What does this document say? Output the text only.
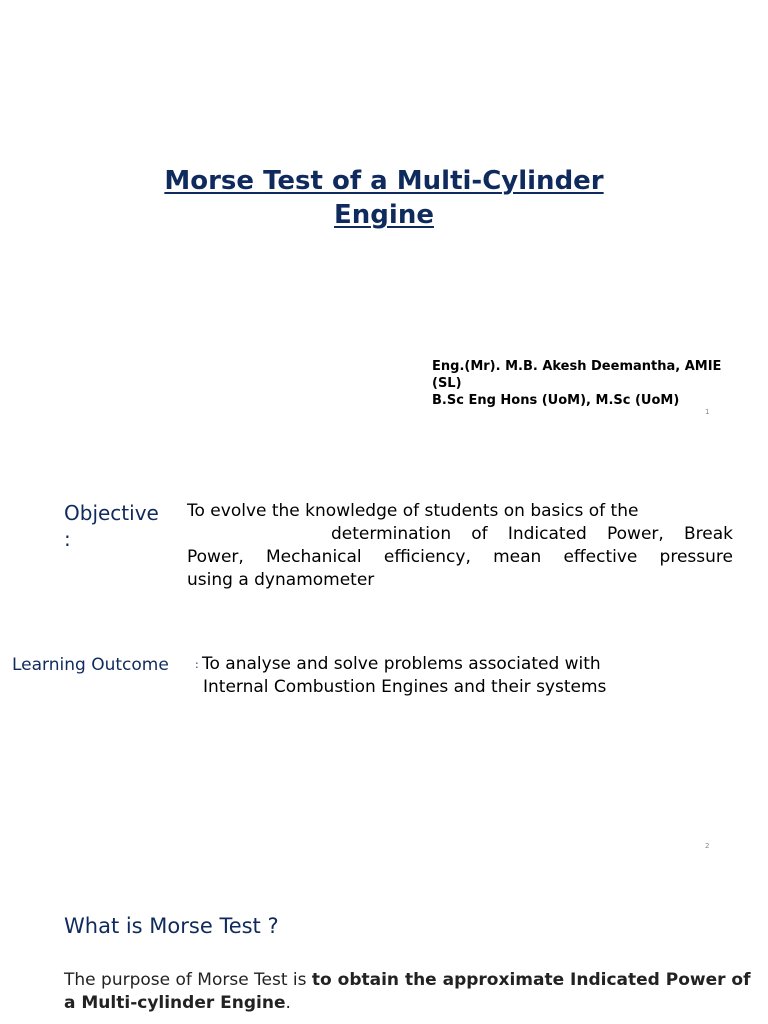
Morse Test of a Multi-Cylinder
Engine
Eng.(Mr). M.B. Akesh Deemantha, AMIE
(SL)
B.Sc Eng Hons (UoM), M.Sc (UoM)
1
Objective
:
To evolve the knowledge of students on basics of the
determination of Indicated Power, Break
Power, Mechanical efficiency, mean effective pressure
using a dynamometer
Learning Outcome : To analyse and solve problems associated with
Internal Combustion Engines and their systems
2
What is Morse Test ?
The purpose of Morse Test is to obtain the approximate Indicated Power of a Multi-cylinder Engine.
